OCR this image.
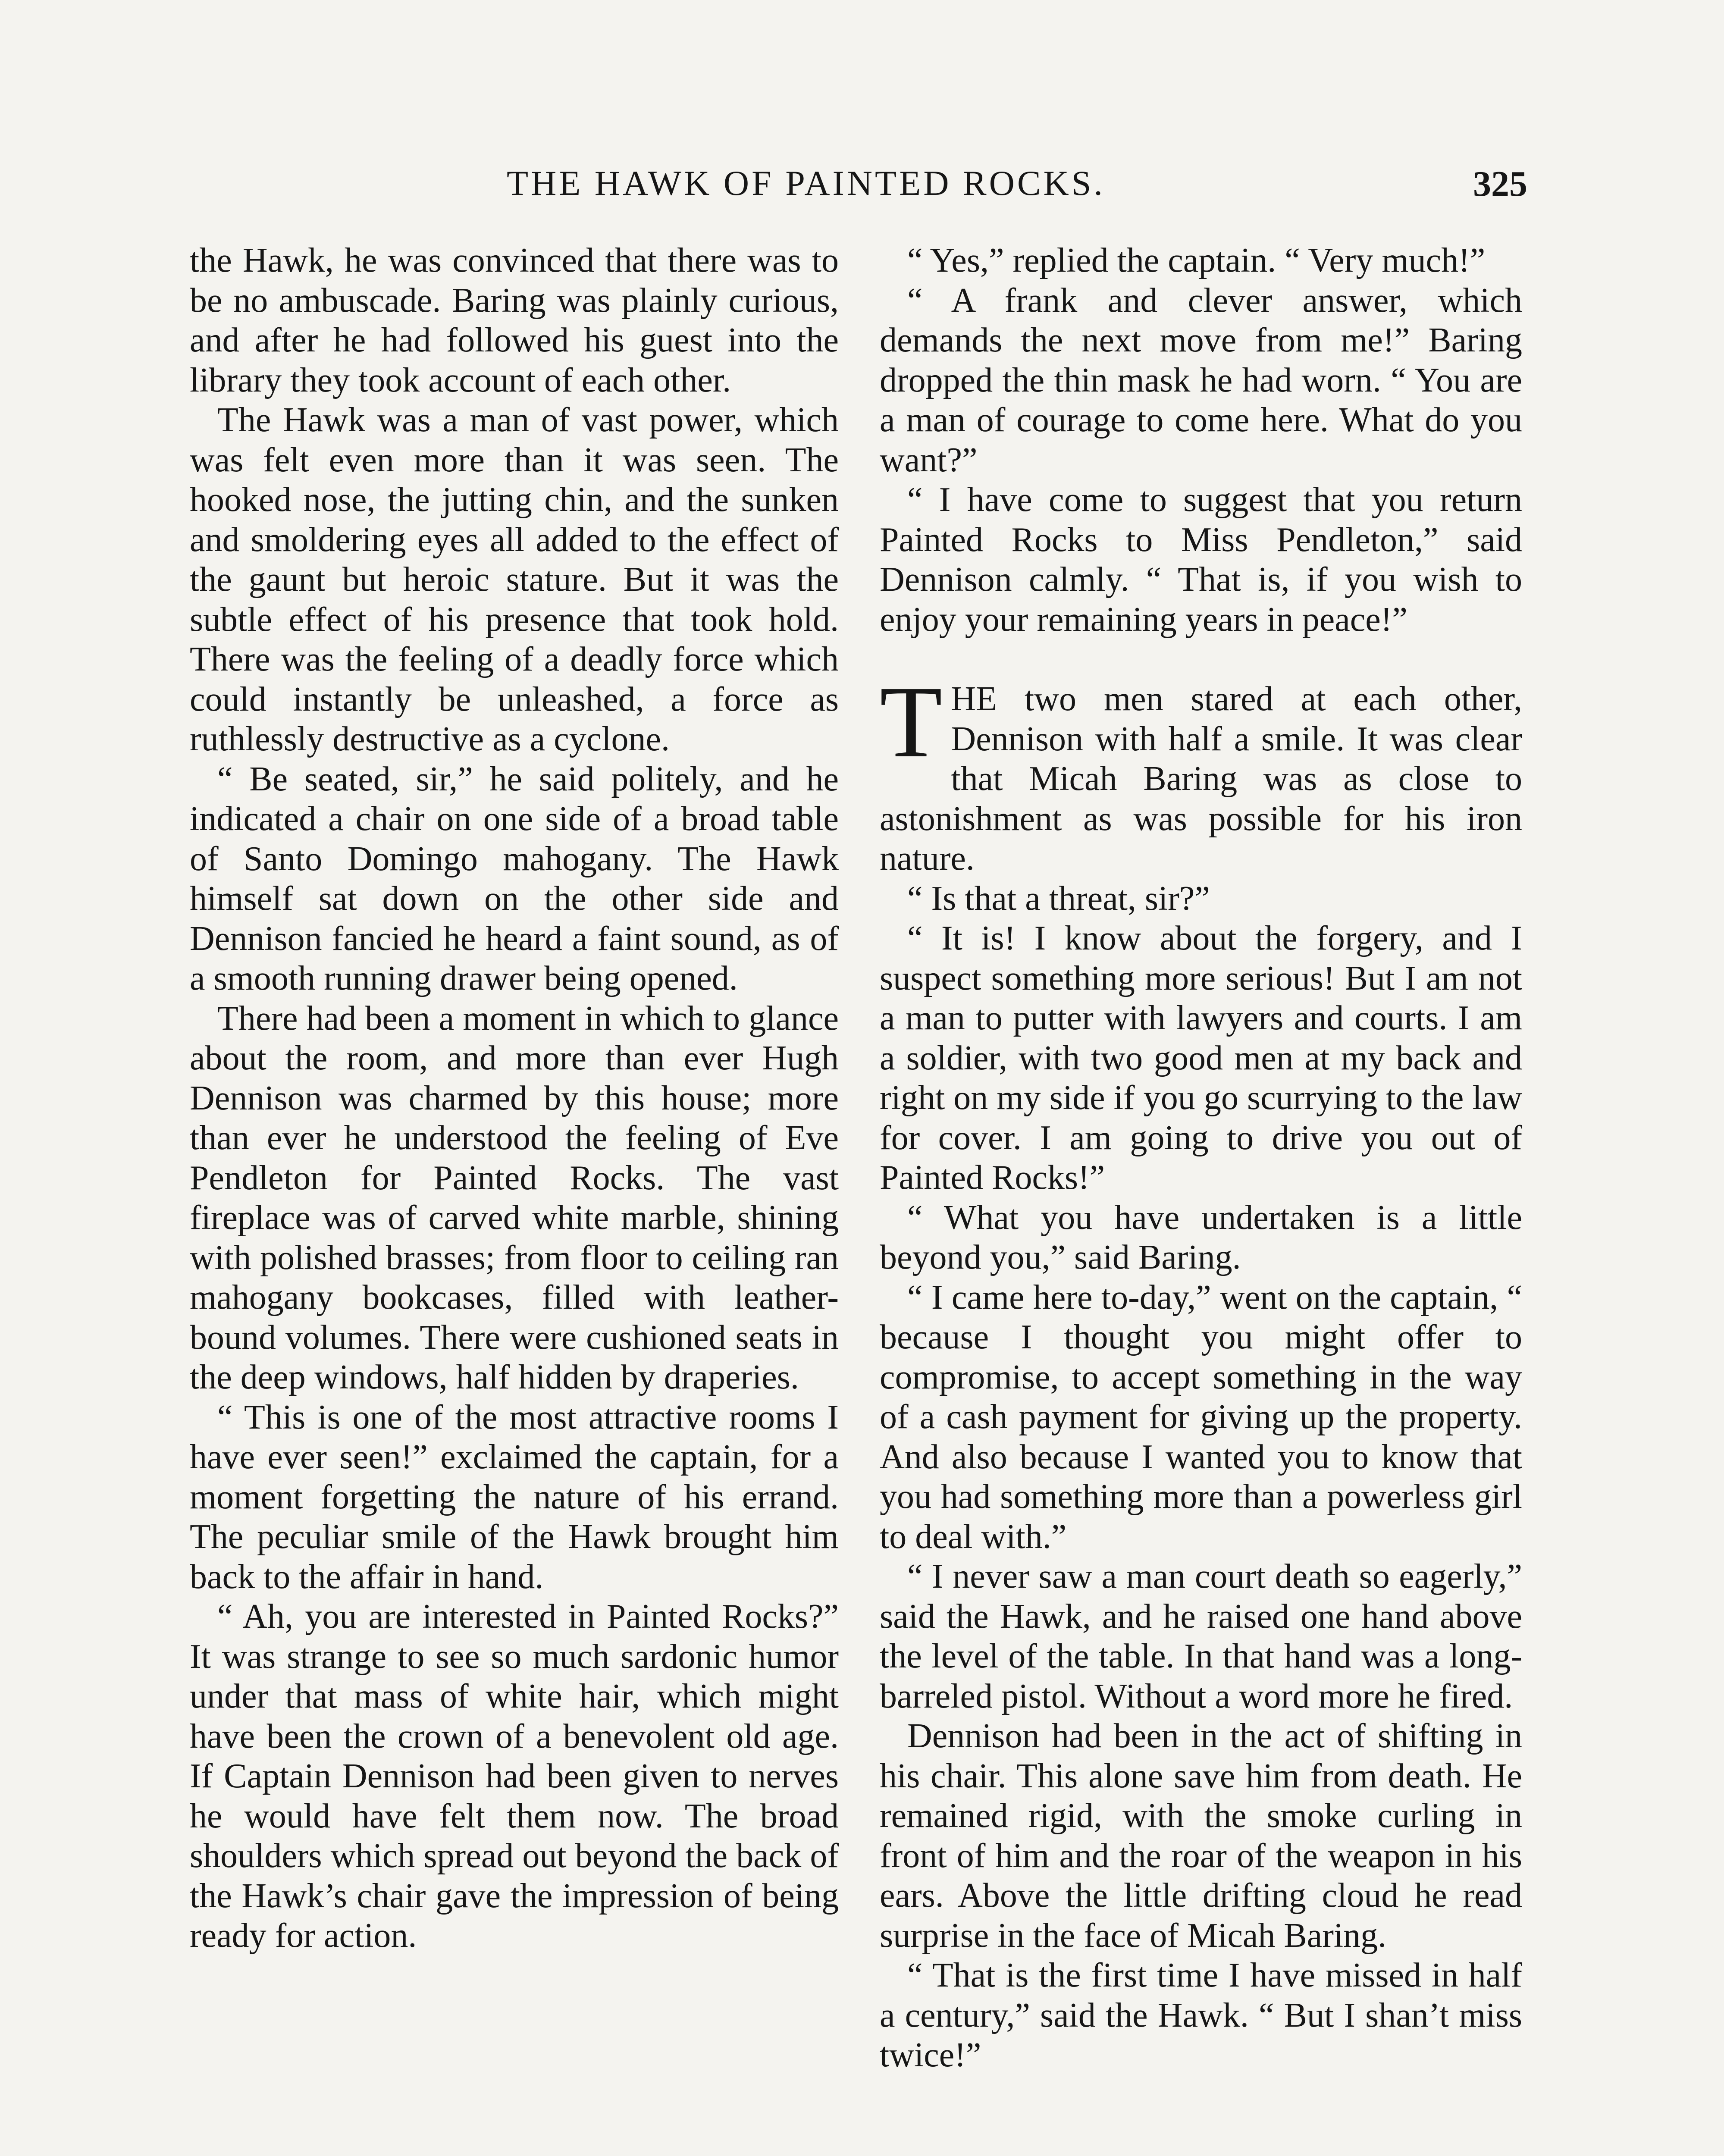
THE HAWK OF PAINTED ROCKS.	325

the Hawk, he was convinced that there was to be no ambuscade. Baring was plainly curious, and after he had followed his guest into the library they took account of each other.

The Hawk was a man of vast power, which was felt even more than it was seen. The hooked nose, the jutting chin, and the sunken and smoldering eyes all added to the effect of the gaunt but heroic stature. But it was the subtle effect of his presence that took hold. There was the feeling of a deadly force which could instantly be unleashed, a force as ruthlessly destructive as a cyclone.

“ Be seated, sir,” he said politely, and he indicated a chair on one side of a broad table of Santo Domingo mahogany. The Hawk himself sat down on the other side and Dennison fancied he heard a faint sound, as of a smooth running drawer being opened.

There had been a moment in which to glance about the room, and more than ever Hugh Dennison was charmed by this house; more than ever he understood the feeling of Eve Pendleton for Painted Rocks. The vast fireplace was of carved white marble, shining with polished brasses; from floor to ceiling ran mahogany bookcases, filled with leather-bound volumes. There were cushioned seats in the deep windows, half hidden by draperies.

“ This is one of the most attractive rooms I have ever seen!” exclaimed the captain, for a moment forgetting the nature of his errand. The peculiar smile of the Hawk brought him back to the affair in hand.

“ Ah, you are interested in Painted Rocks?” It was strange to see so much sardonic humor under that mass of white hair, which might have been the crown of a benevolent old age. If Captain Dennison had been given to nerves he would have felt them now. The broad shoulders which spread out beyond the back of the Hawk’s chair gave the impression of being ready for action.

“ Yes,” replied the captain. “ Very much!”

“ A frank and clever answer, which demands the next move from me!” Baring dropped the thin mask he had worn. “ You are a man of courage to come here. What do you want?”

“ I have come to suggest that you return Painted Rocks to Miss Pendleton,” said Dennison calmly. “ That is, if you wish to enjoy your remaining years in peace!”

THE two men stared at each other, Dennison with half a smile. It was clear that Micah Baring was as close to astonishment as was possible for his iron nature.

“ Is that a threat, sir?”

“ It is! I know about the forgery, and I suspect something more serious! But I am not a man to putter with lawyers and courts. I am a soldier, with two good men at my back and right on my side if you go scurrying to the law for cover. I am going to drive you out of Painted Rocks!”

“ What you have undertaken is a little beyond you,” said Baring.

“ I came here to-day,” went on the captain, “ because I thought you might offer to compromise, to accept something in the way of a cash payment for giving up the property. And also because I wanted you to know that you had something more than a powerless girl to deal with.”

“ I never saw a man court death so eagerly,” said the Hawk, and he raised one hand above the level of the table. In that hand was a long-barreled pistol. Without a word more he fired.

Dennison had been in the act of shifting in his chair. This alone save him from death. He remained rigid, with the smoke curling in front of him and the roar of the weapon in his ears. Above the little drifting cloud he read surprise in the face of Micah Baring.

“ That is the first time I have missed in half a century,” said the Hawk. “ But I shan’t miss twice!”
